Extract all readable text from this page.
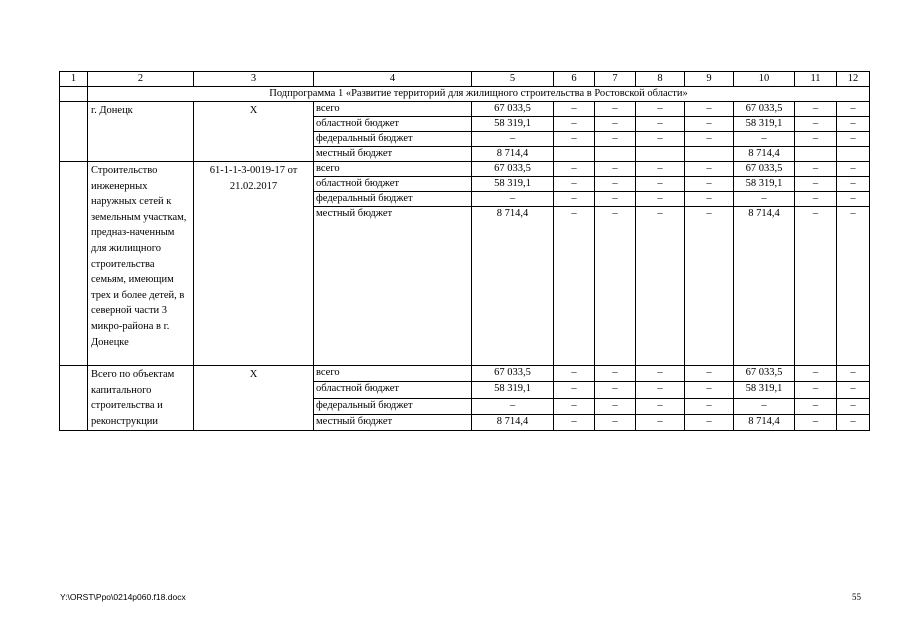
1	2	3	4	5	6	7	8	9	10	11	12
	Подпрограмма 1 «Развитие территорий для жилищного строительства в Ростовской области»										
	г. Донецк	Х	всего	67 033,5	–	–	–	–	67 033,5	–	–
			областной бюджет	58 319,1	–	–	–	–	58 319,1	–	–
			федеральный бюджет	–	–	–	–	–	–	–	–
			местный бюджет	8 714,4					8 714,4		
	Строительство инженерных наружных сетей к земельным участкам, предназ-наченным для жилищного строительства семьям, имеющим трех и более детей, в северной части 3 микро-района в г. Донецке	61-1-1-3-0019-17 от 21.02.2017	всего	67 033,5	–	–	–	–	67 033,5	–	–
			областной бюджет	58 319,1	–	–	–	–	58 319,1	–	–
			федеральный бюджет	–	–	–	–	–	–	–	–
			местный бюджет	8 714,4	–	–	–	–	8 714,4	–	–
	Всего по объектам капитального строительства и реконструкции	Х	всего	67 033,5	–	–	–	–	67 033,5	–	–
			областной бюджет	58 319,1	–	–	–	–	58 319,1	–	–
			федеральный бюджет	–	–	–	–	–	–	–	–
			местный бюджет	8 714,4	–	–	–	–	8 714,4	–	–
Y:\ORST\Ppo\0214p060.f18.docx	55
